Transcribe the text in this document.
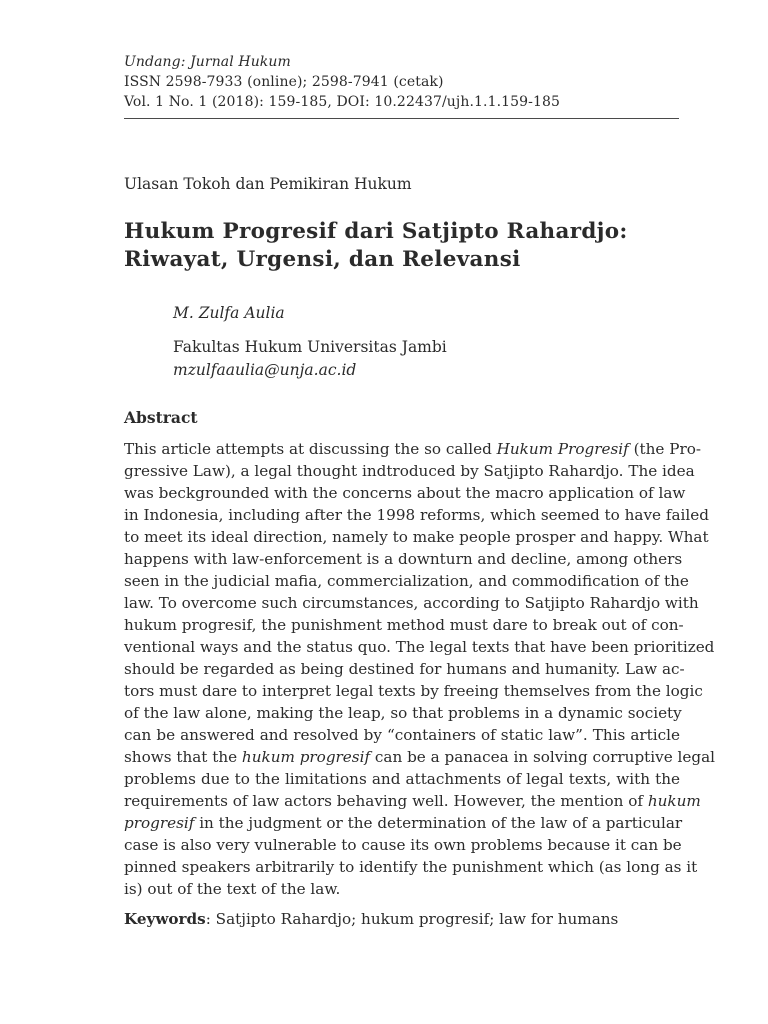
Undang: Jurnal Hukum
ISSN 2598-7933 (online); 2598-7941 (cetak)
Vol. 1 No. 1 (2018): 159-185, DOI: 10.22437/ujh.1.1.159-185
Ulasan Tokoh dan Pemikiran Hukum
Hukum Progresif dari Satjipto Rahardjo:
Riwayat, Urgensi, dan Relevansi
M. Zulfa Aulia
Fakultas Hukum Universitas Jambi
mzulfaaulia@unja.ac.id
Abstract
This article attempts at discussing the so called Hukum Progresif (the Pro-
gressive Law), a legal thought indtroduced by Satjipto Rahardjo. The idea
was beckgrounded with the concerns about the macro application of law
in Indonesia, including after the 1998 reforms, which seemed to have failed
to meet its ideal direction, namely to make people prosper and happy. What
happens with law-enforcement is a downturn and decline, among others
seen in the judicial mafia, commercialization, and commodification of the
law. To overcome such circumstances, according to Satjipto Rahardjo with
hukum progresif, the punishment method must dare to break out of con-
ventional ways and the status quo. The legal texts that have been prioritized
should be regarded as being destined for humans and humanity. Law ac-
tors must dare to interpret legal texts by freeing themselves from the logic
of the law alone, making the leap, so that problems in a dynamic society
can be answered and resolved by “containers of static law”. This article
shows that the hukum progresif can be a panacea in solving corruptive legal
problems due to the limitations and attachments of legal texts, with the
requirements of law actors behaving well. However, the mention of hukum
progresif in the judgment or the determination of the law of a particular
case is also very vulnerable to cause its own problems because it can be
pinned speakers arbitrarily to identify the punishment which (as long as it
is) out of the text of the law.
Keywords: Satjipto Rahardjo; hukum progresif; law for humans
